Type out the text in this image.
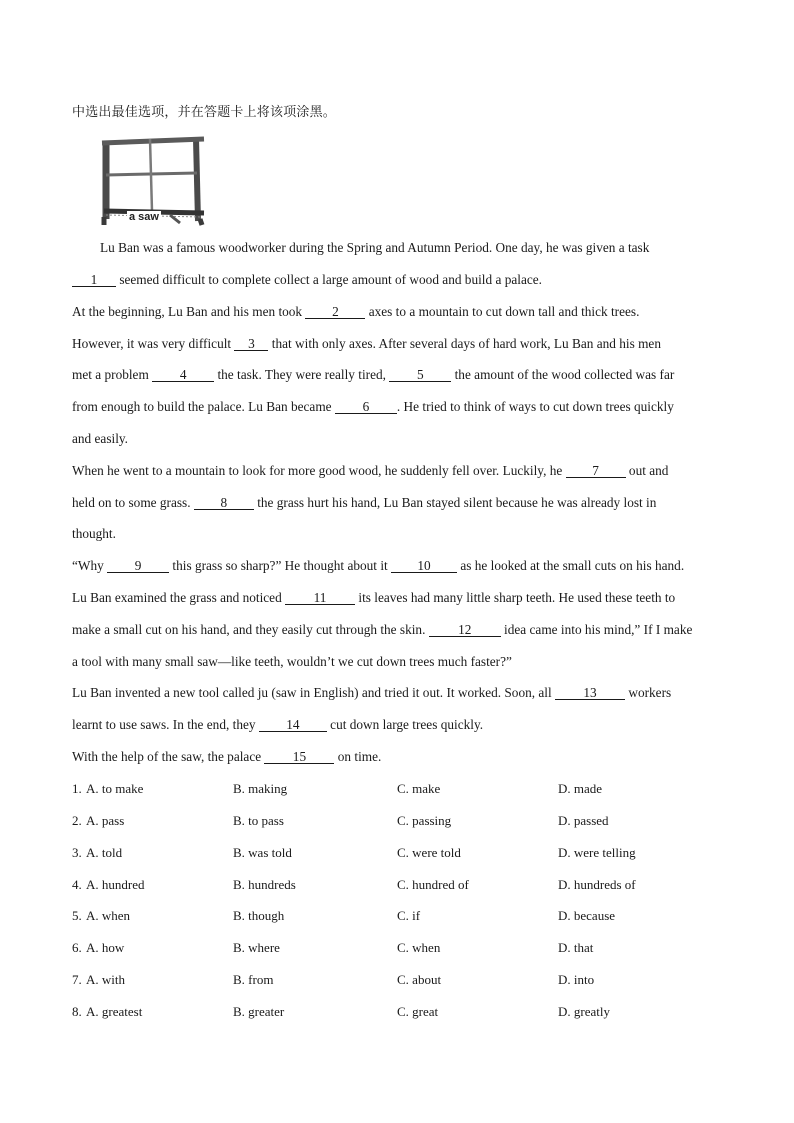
中选出最佳选项，并在答题卡上将该项涂黑。
a saw
Lu Ban was a famous woodworker during the Spring and Autumn Period. One day, he was given a task
1 seemed difficult to complete collect a large amount of wood and build a palace.
At the beginning, Lu Ban and his men took 2 axes to a mountain to cut down tall and thick trees.
However, it was very difficult 3 that with only axes. After several days of hard work, Lu Ban and his men
met a problem 4 the task. They were really tired, 5 the amount of the wood collected was far
from enough to build the palace. Lu Ban became 6 . He tried to think of ways to cut down trees quickly
and easily.
When he went to a mountain to look for more good wood, he suddenly fell over. Luckily, he 7 out and
held on to some grass. 8 the grass hurt his hand, Lu Ban stayed silent because he was already lost in
thought.
“Why 9 this grass so sharp?” He thought about it 10 as he looked at the small cuts on his hand.
Lu Ban examined the grass and noticed 11 its leaves had many little sharp teeth. He used these teeth to
make a small cut on his hand, and they easily cut through the skin. 12 idea came into his mind,” If I make
a tool with many small saw—like teeth, wouldn’t we cut down trees much faster?”
Lu Ban invented a new tool called ju (saw in English) and tried it out. It worked. Soon, all 13 workers
learnt to use saws. In the end, they 14 cut down large trees quickly.
With the help of the saw, the palace 15 on time.
1. A. to make	B. making	C. make	D. made
2. A. pass	B. to pass	C. passing	D. passed
3. A. told	B. was told	C. were told	D. were telling
4. A. hundred	B. hundreds	C. hundred of	D. hundreds of
5. A. when	B. though	C. if	D. because
6. A. how	B. where	C. when	D. that
7. A. with	B. from	C. about	D. into
8. A. greatest	B. greater	C. great	D. greatly
